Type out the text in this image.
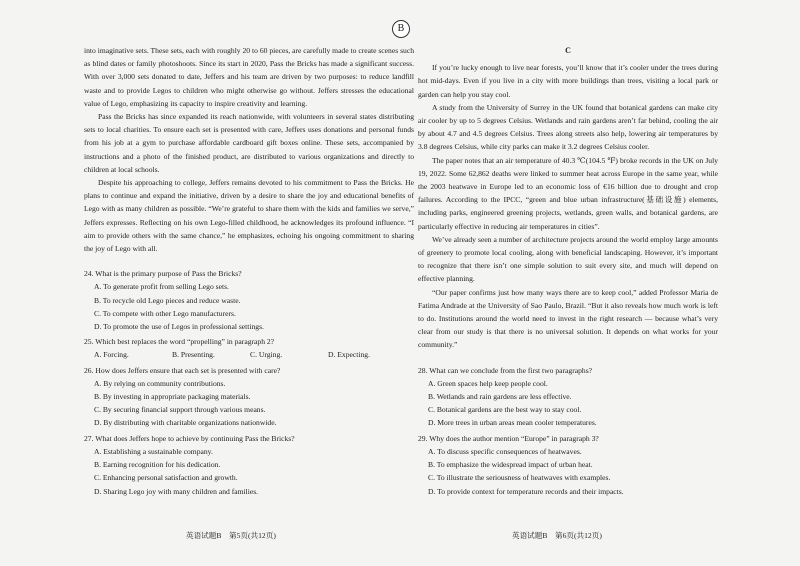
B

into imaginative sets. These sets, each with roughly 20 to 60 pieces, are carefully made to create scenes such as blind dates or family photoshoots. Since its start in 2020, Pass the Bricks has made a significant success. With over 3,000 sets donated to date, Jeffers and his team are driven by two purposes: to reduce landfill waste and to provide Legos to children who might otherwise go without. Jeffers stresses the educational value of Lego, emphasizing its capacity to inspire creativity and learning.

Pass the Bricks has since expanded its reach nationwide, with volunteers in several states distributing sets to local charities. To ensure each set is presented with care, Jeffers uses donations and personal funds from his job at a gym to purchase affordable cardboard gift boxes online. These sets, accompanied by instructions and a photo of the finished product, are distributed to various organizations and directly to children at local schools.

Despite his approaching to college, Jeffers remains devoted to his commitment to Pass the Bricks. He plans to continue and expand the initiative, driven by a desire to share the joy and educational benefits of Lego with as many children as possible. “We’re grateful to share them with the kids and families we serve,” Jeffers expresses. Reflecting on his own Lego-filled childhood, he acknowledges its profound influence. “I aim to provide others with the same chance,” he emphasizes, echoing his ongoing commitment to sharing the joy of Lego with all.

24. What is the primary purpose of Pass the Bricks?

A. To generate profit from selling Lego sets.

B. To recycle old Lego pieces and reduce waste.

C. To compete with other Lego manufacturers.

D. To promote the use of Legos in professional settings.

25. Which best replaces the word “propelling” in paragraph 2?

A. Forcing.	B. Presenting.	C. Urging.	D. Expecting.

26. How does Jeffers ensure that each set is presented with care?

A. By relying on community contributions.

B. By investing in appropriate packaging materials.

C. By securing financial support through various means.

D. By distributing with charitable organizations nationwide.

27. What does Jeffers hope to achieve by continuing Pass the Bricks?

A. Establishing a sustainable company.

B. Earning recognition for his dedication.

C. Enhancing personal satisfaction and growth.

D. Sharing Lego joy with many children and families.

C

If you’re lucky enough to live near forests, you’ll know that it’s cooler under the trees during hot mid-days. Even if you live in a city with more buildings than trees, visiting a local park or garden can help you stay cool.

A study from the University of Surrey in the UK found that botanical gardens can make city air cooler by up to 5 degrees Celsius. Wetlands and rain gardens aren’t far behind, cooling the air by about 4.7 and 4.5 degrees Celsius. Trees along streets also help, lowering air temperatures by 3.8 degrees Celsius, while city parks can make it 3.2 degrees Celsius cooler.

The paper notes that an air temperature of 40.3 ℃(104.5 ℉) broke records in the UK on July 19, 2022. Some 62,862 deaths were linked to summer heat across Europe in the same year, while the 2003 heatwave in Europe led to an economic loss of €16 billion due to drought and crop failures. According to the IPCC, “green and blue urban infrastructure(基础设施) elements, including parks, engineered greening projects, wetlands, green walls, and botanical gardens, are particularly effective in reducing air temperatures in cities”.

We’ve already seen a number of architecture projects around the world employ large amounts of greenery to promote local cooling, along with beneficial landscaping. However, it’s important to recognize that there isn’t one simple solution to suit every site, and much will depend on effective planning.

“Our paper confirms just how many ways there are to keep cool,” added Professor Maria de Fatima Andrade at the University of Sao Paulo, Brazil. “But it also reveals how much work is left to do. Institutions around the world need to invest in the right research — because what’s very clear from our study is that there is no universal solution. It depends on what works for your community.”

28. What can we conclude from the first two paragraphs?

A. Green spaces help keep people cool.

B. Wetlands and rain gardens are less effective.

C. Botanical gardens are the best way to stay cool.

D. More trees in urban areas mean cooler temperatures.

29. Why does the author mention “Europe” in paragraph 3?

A. To discuss specific consequences of heatwaves.

B. To emphasize the widespread impact of urban heat.

C. To illustrate the seriousness of heatwaves with examples.

D. To provide context for temperature records and their impacts.

英语试题B　第5页(共12页)	英语试题B　第6页(共12页)
